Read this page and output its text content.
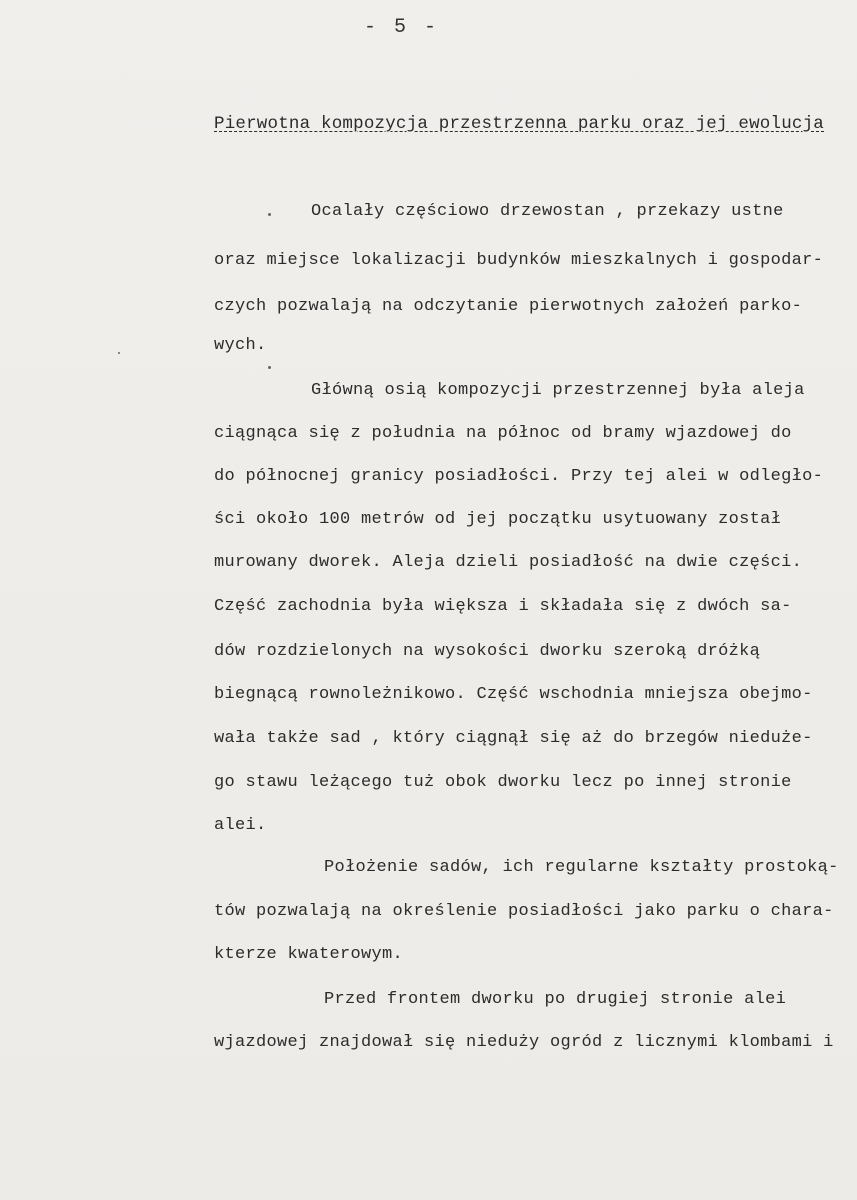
- 5 -
Pierwotna kompozycja przestrzenna parku oraz jej ewolucja
Ocalały częściowo drzewostan , przekazy ustne
oraz miejsce lokalizacji budynków mieszkalnych i gospodar-
czych pozwalają na odczytanie pierwotnych założeń parko-
wych.
Główną osią kompozycji przestrzennej była aleja
ciągnąca się z południa na północ od bramy wjazdowej do
do północnej granicy posiadłości. Przy tej alei w odległo-
ści około 100 metrów od jej początku usytuowany został
murowany dworek. Aleja dzieli posiadłość na dwie części.
Część zachodnia była większa i składała się z dwóch sa-
dów rozdzielonych na wysokości dworku szeroką dróżką
biegnącą rownoleżnikowo. Część wschodnia mniejsza obejmo-
wała także sad , który ciągnął się aż do brzegów nieduże-
go stawu leżącego tuż obok dworku lecz po innej stronie
alei.
Położenie sadów, ich regularne kształty prostoką-
tów pozwalają na określenie posiadłości jako parku o chara-
kterze kwaterowym.
Przed frontem dworku po drugiej stronie alei
wjazdowej znajdował się nieduży ogród z licznymi klombami i
